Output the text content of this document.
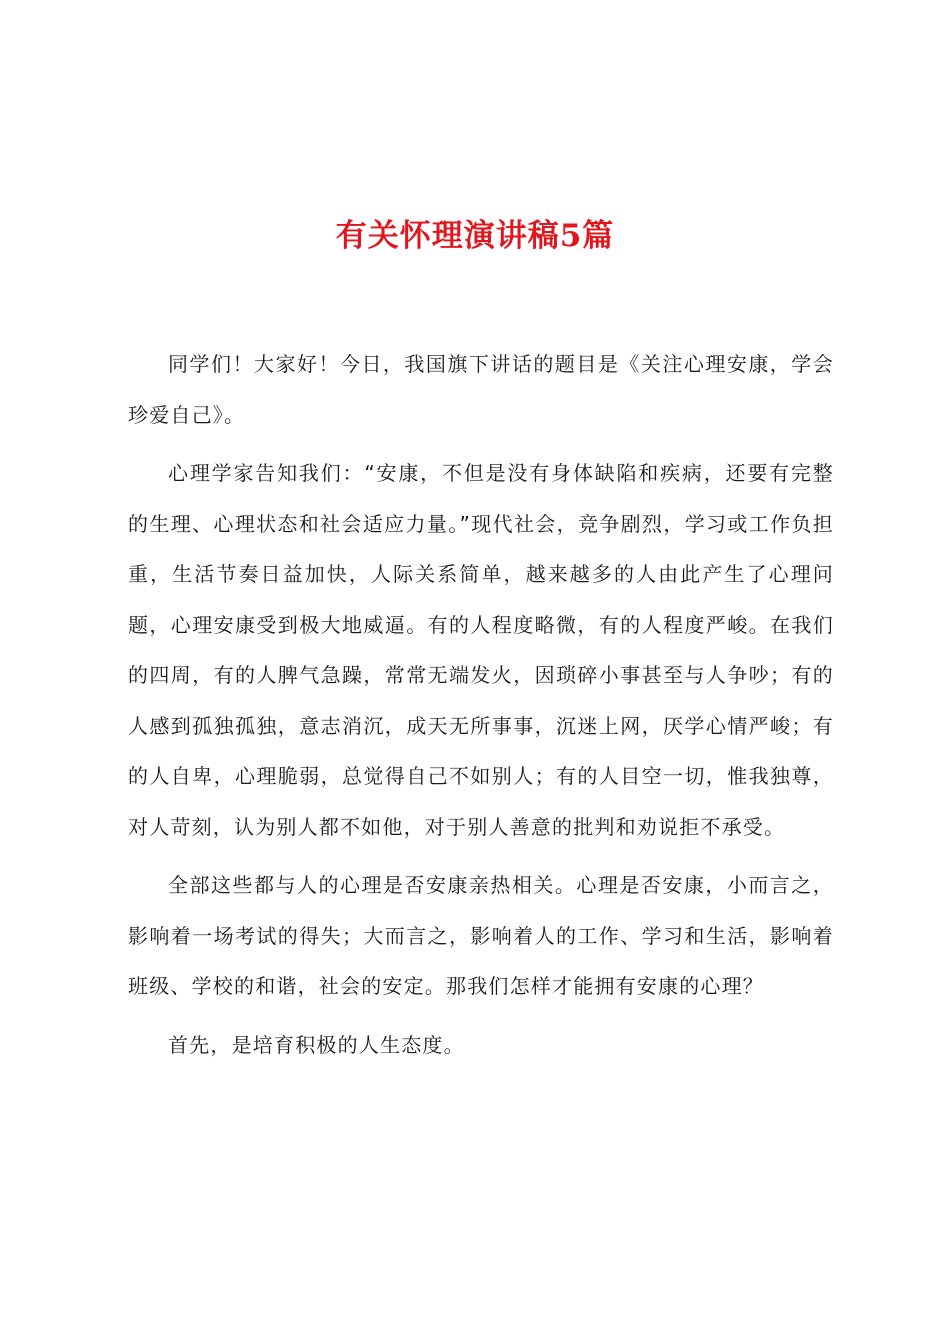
有关怀理演讲稿5篇

同学们！大家好！今日，我国旗下讲话的题目是《关注心理安康，学会珍爱自己》。

心理学家告知我们：“安康，不但是没有身体缺陷和疾病，还要有完整的生理、心理状态和社会适应力量。”现代社会，竞争剧烈，学习或工作负担重，生活节奏日益加快，人际关系简单，越来越多的人由此产生了心理问题，心理安康受到极大地威逼。有的人程度略微，有的人程度严峻。在我们的四周，有的人脾气急躁，常常无端发火，因琐碎小事甚至与人争吵；有的人感到孤独孤独，意志消沉，成天无所事事，沉迷上网，厌学心情严峻；有的人自卑，心理脆弱，总觉得自己不如别人；有的人目空一切，惟我独尊，对人苛刻，认为别人都不如他，对于别人善意的批判和劝说拒不承受。

全部这些都与人的心理是否安康亲热相关。心理是否安康，小而言之，影响着一场考试的得失；大而言之，影响着人的工作、学习和生活，影响着班级、学校的和谐，社会的安定。那我们怎样才能拥有安康的心理？

首先，是培育积极的人生态度。
